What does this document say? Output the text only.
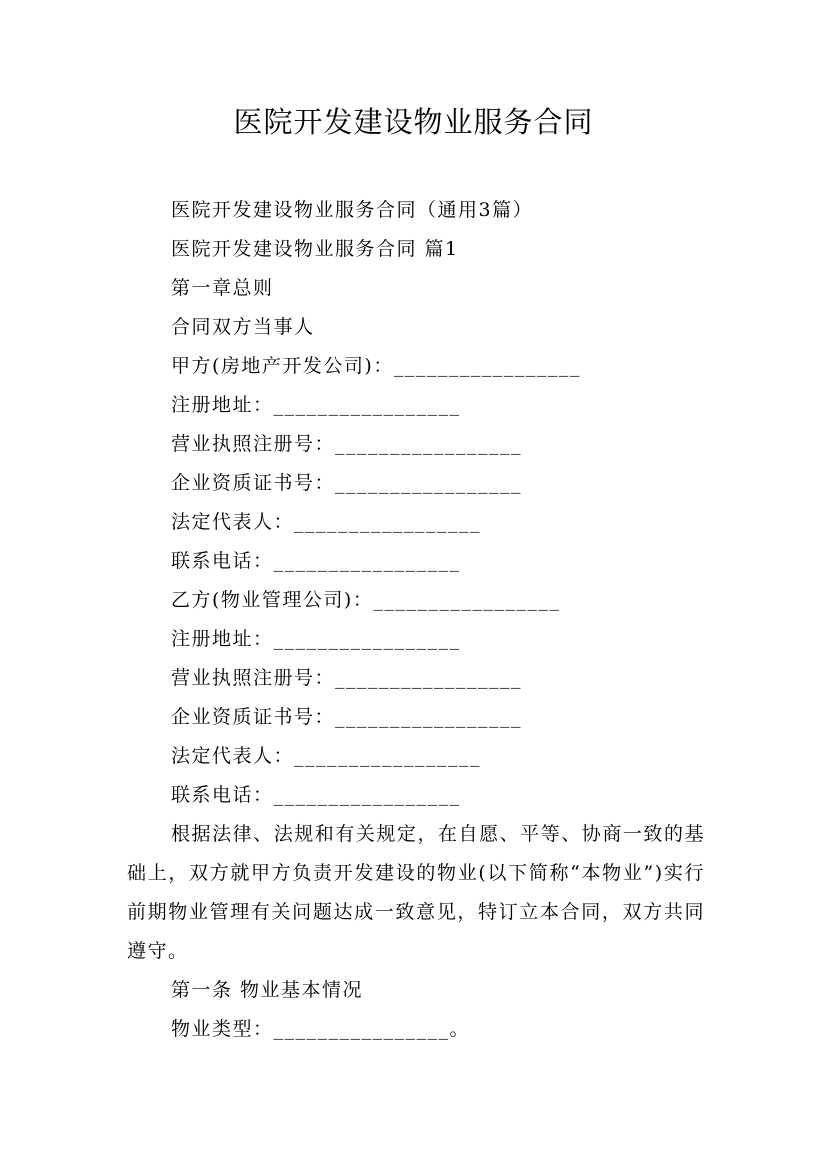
医院开发建设物业服务合同

医院开发建设物业服务合同（通用3篇）

医院开发建设物业服务合同 篇1

第一章总则

合同双方当事人

甲方(房地产开发公司)：_________________

注册地址：_________________

营业执照注册号：_________________

企业资质证书号：_________________

法定代表人：_________________

联系电话：_________________

乙方(物业管理公司)：_________________

注册地址：_________________

营业执照注册号：_________________

企业资质证书号：_________________

法定代表人：_________________

联系电话：_________________

根据法律、法规和有关规定，在自愿、平等、协商一致的基础上，双方就甲方负责开发建设的物业(以下简称“本物业”)实行前期物业管理有关问题达成一致意见，特订立本合同，双方共同遵守。

第一条 物业基本情况

物业类型：________________。
